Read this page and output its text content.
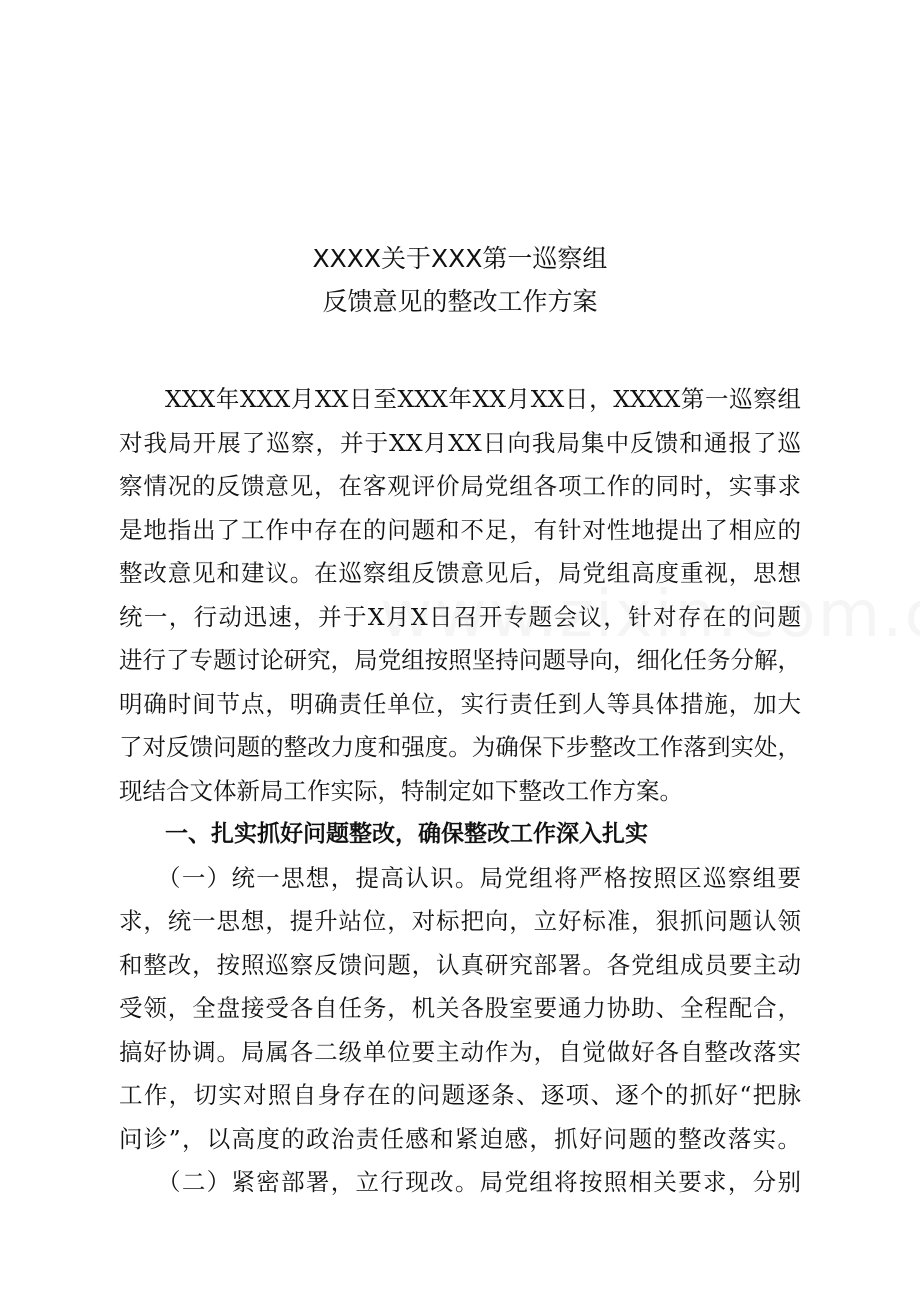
XXXX关于XXX第一巡察组
反馈意见的整改工作方案
XXX年XXX月XX日至XXX年XX月XX日，XXXX第一巡察组
对我局开展了巡察，并于XX月XX日向我局集中反馈和通报了巡
察情况的反馈意见，在客观评价局党组各项工作的同时，实事求
是地指出了工作中存在的问题和不足，有针对性地提出了相应的
整改意见和建议。在巡察组反馈意见后，局党组高度重视，思想
统一，行动迅速，并于X月X日召开专题会议，针对存在的问题
进行了专题讨论研究，局党组按照坚持问题导向，细化任务分解，
明确时间节点，明确责任单位，实行责任到人等具体措施，加大
了对反馈问题的整改力度和强度。为确保下步整改工作落到实处，
现结合文体新局工作实际，特制定如下整改工作方案。
一、扎实抓好问题整改，确保整改工作深入扎实
（一）统一思想，提高认识。局党组将严格按照区巡察组要
求，统一思想，提升站位，对标把向，立好标准，狠抓问题认领
和整改，按照巡察反馈问题，认真研究部署。各党组成员要主动
受领，全盘接受各自任务，机关各股室要通力协助、全程配合，
搞好协调。局属各二级单位要主动作为，自觉做好各自整改落实
工作，切实对照自身存在的问题逐条、逐项、逐个的抓好“把脉
问诊”，以高度的政治责任感和紧迫感，抓好问题的整改落实。
（二）紧密部署，立行现改。局党组将按照相关要求，分别
